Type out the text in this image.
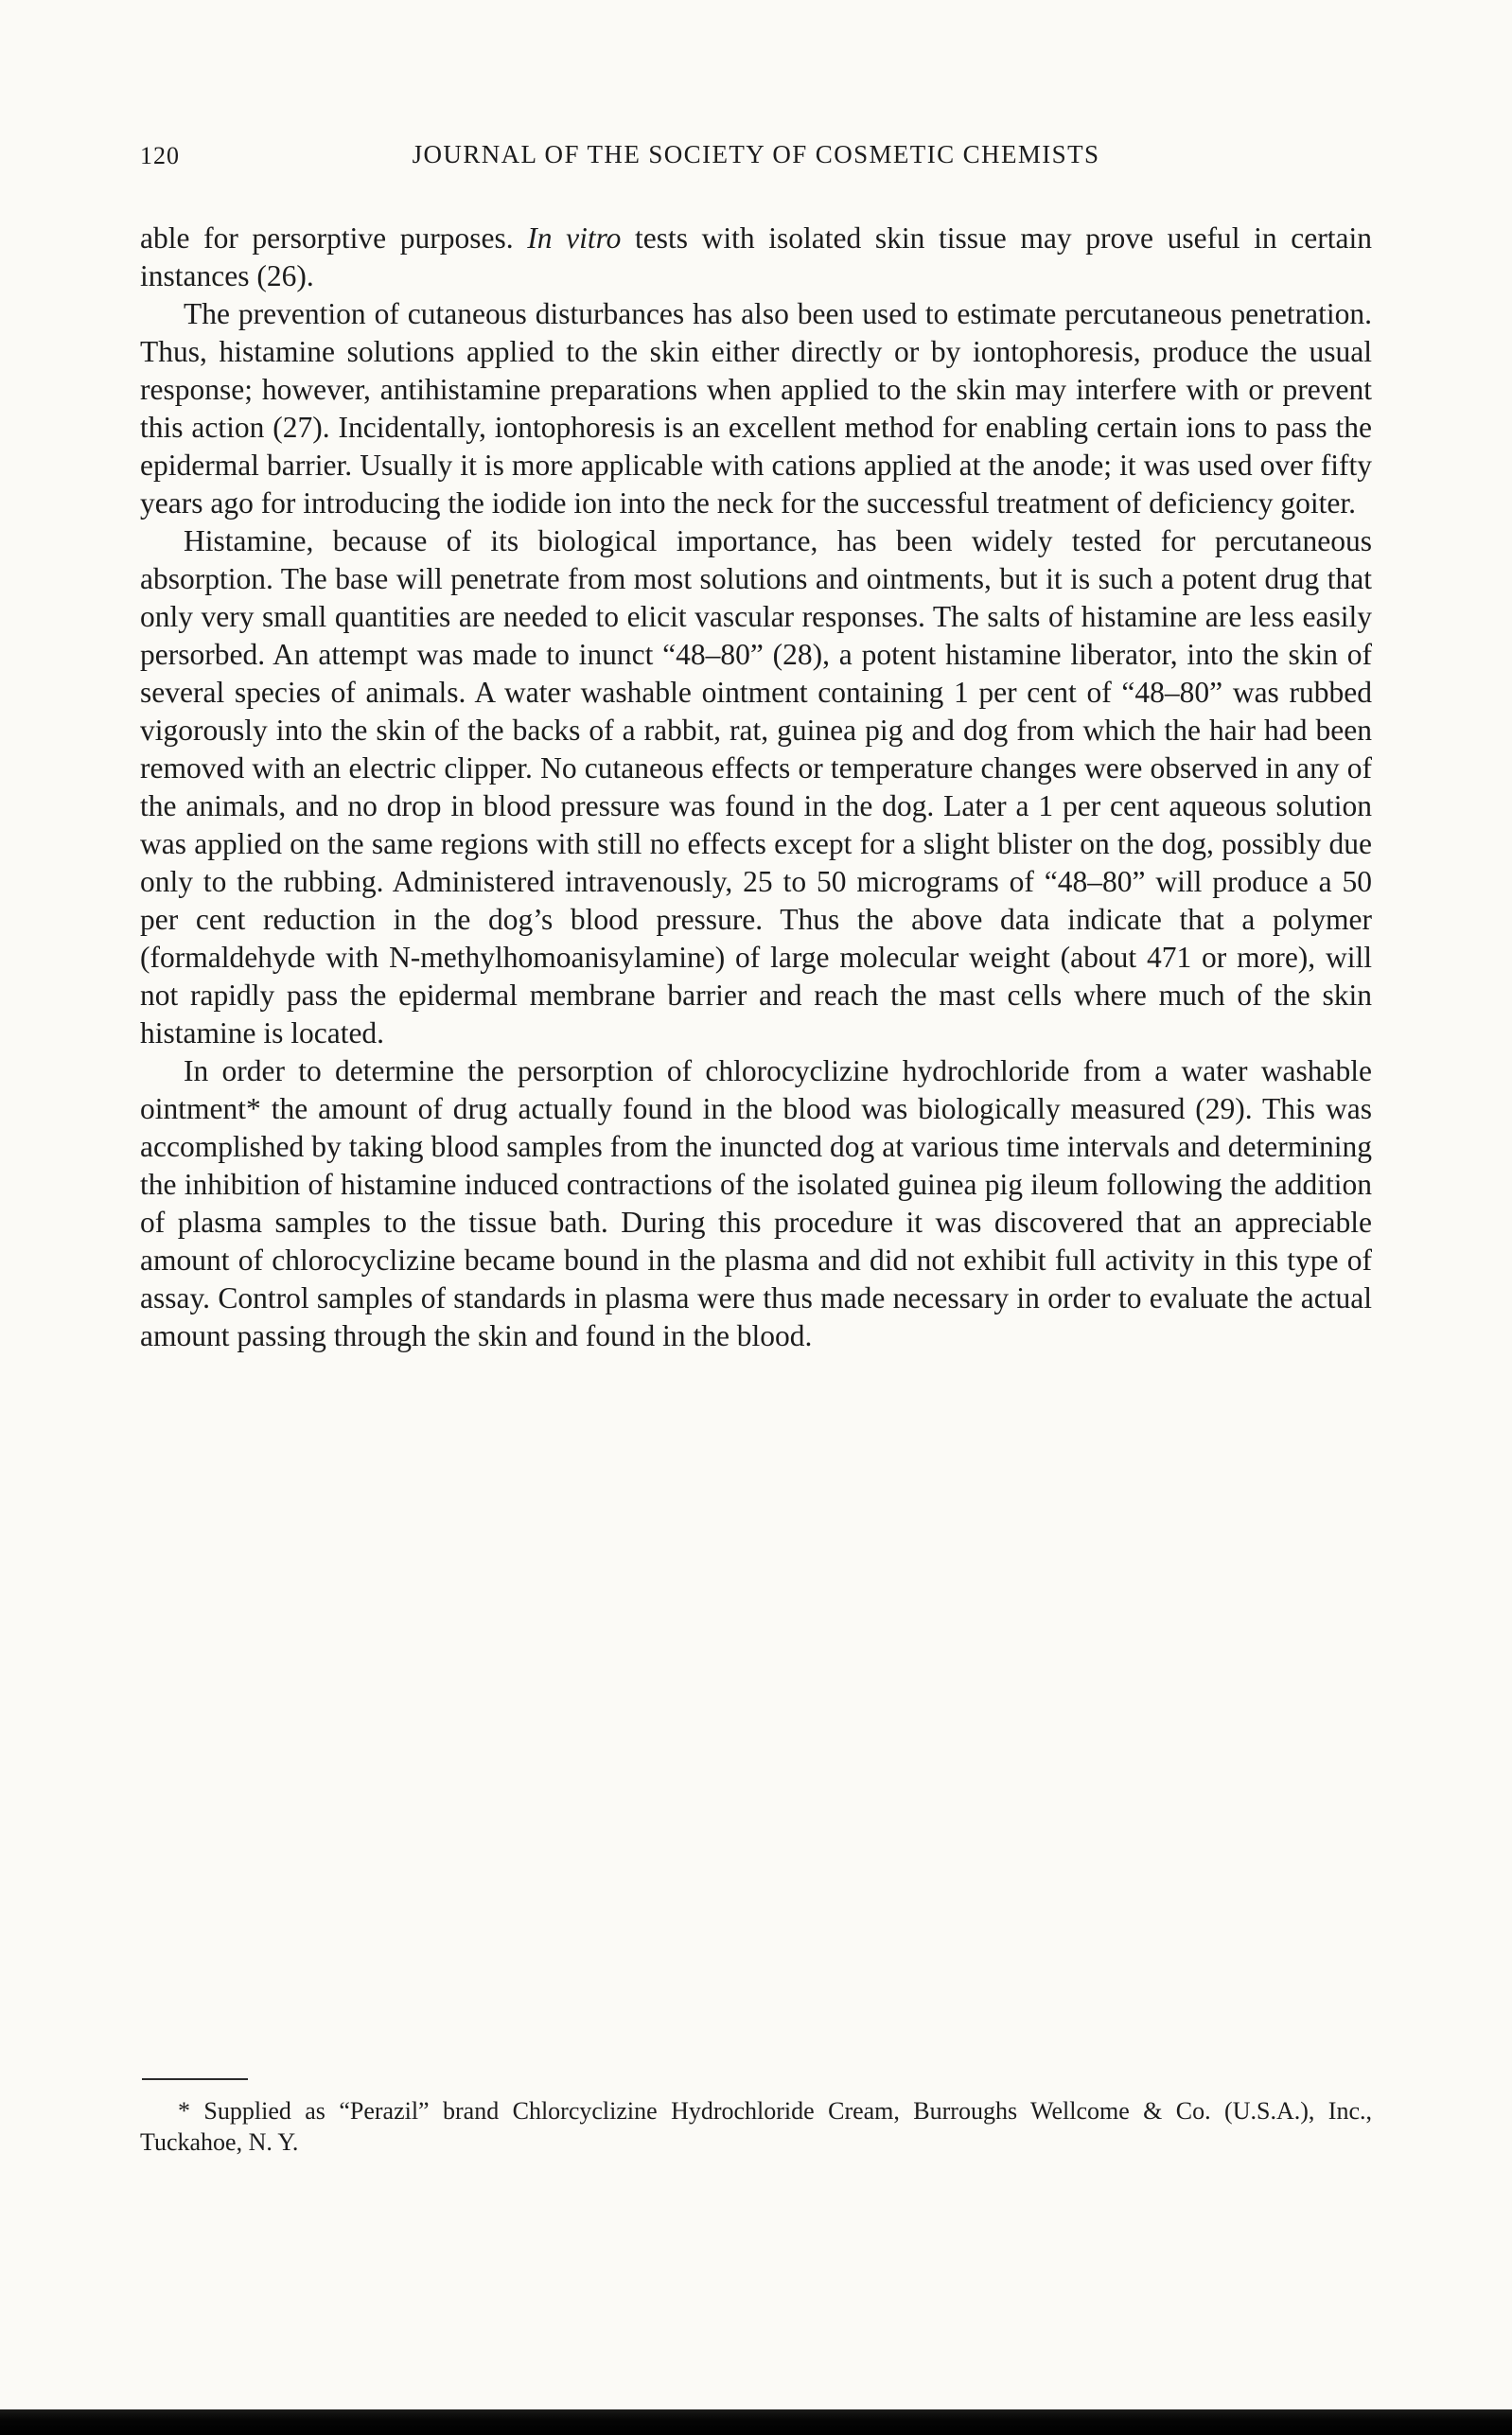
120	JOURNAL OF THE SOCIETY OF COSMETIC CHEMISTS

able for persorptive purposes. In vitro tests with isolated skin tissue may prove useful in certain instances (26).

The prevention of cutaneous disturbances has also been used to estimate percutaneous penetration. Thus, histamine solutions applied to the skin either directly or by iontophoresis, produce the usual response; however, antihistamine preparations when applied to the skin may interfere with or prevent this action (27). Incidentally, iontophoresis is an excellent method for enabling certain ions to pass the epidermal barrier. Usually it is more applicable with cations applied at the anode; it was used over fifty years ago for introducing the iodide ion into the neck for the successful treatment of deficiency goiter.

Histamine, because of its biological importance, has been widely tested for percutaneous absorption. The base will penetrate from most solutions and ointments, but it is such a potent drug that only very small quantities are needed to elicit vascular responses. The salts of histamine are less easily persorbed. An attempt was made to inunct “48–80” (28), a potent histamine liberator, into the skin of several species of animals. A water washable ointment containing 1 per cent of “48–80” was rubbed vigorously into the skin of the backs of a rabbit, rat, guinea pig and dog from which the hair had been removed with an electric clipper. No cutaneous effects or temperature changes were observed in any of the animals, and no drop in blood pressure was found in the dog. Later a 1 per cent aqueous solution was applied on the same regions with still no effects except for a slight blister on the dog, possibly due only to the rubbing. Administered intravenously, 25 to 50 micrograms of “48–80” will produce a 50 per cent reduction in the dog’s blood pressure. Thus the above data indicate that a polymer (formaldehyde with N-methylhomoanisylamine) of large molecular weight (about 471 or more), will not rapidly pass the epidermal membrane barrier and reach the mast cells where much of the skin histamine is located.

In order to determine the persorption of chlorocyclizine hydrochloride from a water washable ointment* the amount of drug actually found in the blood was biologically measured (29). This was accomplished by taking blood samples from the inuncted dog at various time intervals and determining the inhibition of histamine induced contractions of the isolated guinea pig ileum following the addition of plasma samples to the tissue bath. During this procedure it was discovered that an appreciable amount of chlorocyclizine became bound in the plasma and did not exhibit full activity in this type of assay. Control samples of standards in plasma were thus made necessary in order to evaluate the actual amount passing through the skin and found in the blood.

* Supplied as “Perazil” brand Chlorcyclizine Hydrochloride Cream, Burroughs Wellcome & Co. (U.S.A.), Inc., Tuckahoe, N. Y.
